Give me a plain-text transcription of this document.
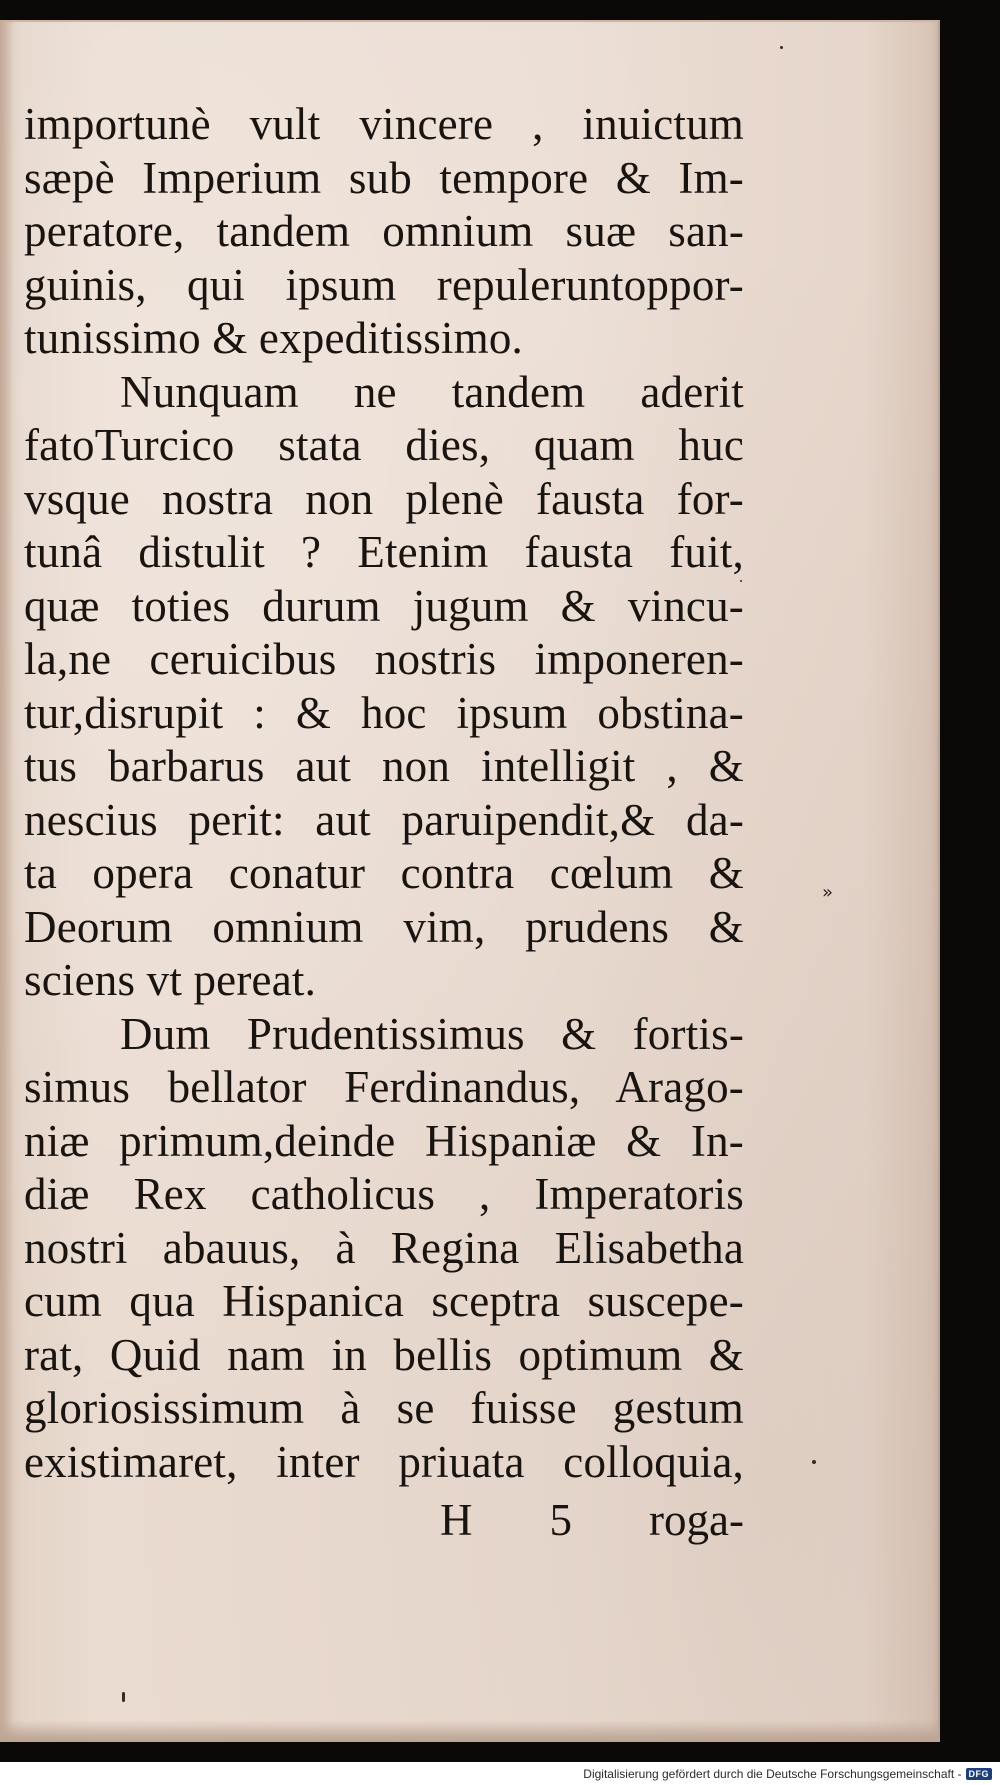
importunè vult vincere , inuictum
sæpè Imperium sub tempore & Im-
peratore, tandem omnium suæ san-
guinis, qui ipsum repuleruntoppor-
tunissimo & expeditissimo.
Nunquam ne tandem aderit
fatoTurcico stata dies, quam huc
vsque nostra non plenè fausta for-
tunâ distulit ? Etenim fausta fuit,
quæ toties durum jugum & vincu-
la,ne ceruicibus nostris imponeren-
tur,disrupit : & hoc ipsum obstina-
tus barbarus aut non intelligit , &
nescius perit: aut paruipendit,& da-
ta opera conatur contra cœlum &
Deorum omnium vim, prudens &
sciens vt pereat.
Dum Prudentissimus & fortis-
simus bellator Ferdinandus, Arago-
niæ primum,deinde Hispaniæ & In-
diæ Rex catholicus , Imperatoris
nostri abauus, à Regina Elisabetha
cum qua Hispanica sceptra suscepe-
rat, Quid nam in bellis optimum &
gloriosissimum à se fuisse gestum
existimaret, inter priuata colloquia,
H 5 roga-
»
Digitalisierung gefördert durch die Deutsche Forschungsgemeinschaft - DFG
